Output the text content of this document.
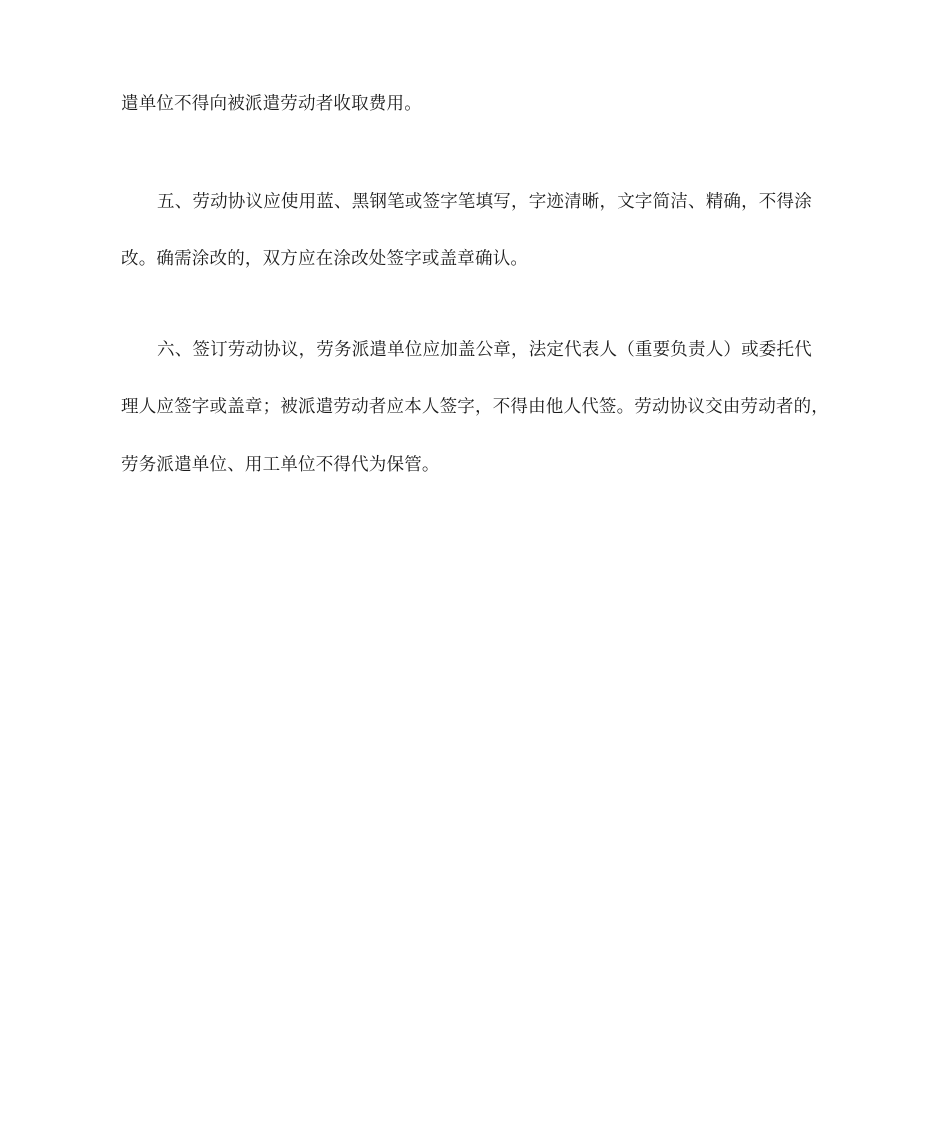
遣单位不得向被派遣劳动者收取费用。
五、劳动协议应使用蓝、黑钢笔或签字笔填写，字迹清晰，文字简洁、精确，不得涂
改。确需涂改的，双方应在涂改处签字或盖章确认。
六、签订劳动协议，劳务派遣单位应加盖公章，法定代表人（重要负责人）或委托代
理人应签字或盖章；被派遣劳动者应本人签字，不得由他人代签。劳动协议交由劳动者的，
劳务派遣单位、用工单位不得代为保管。
